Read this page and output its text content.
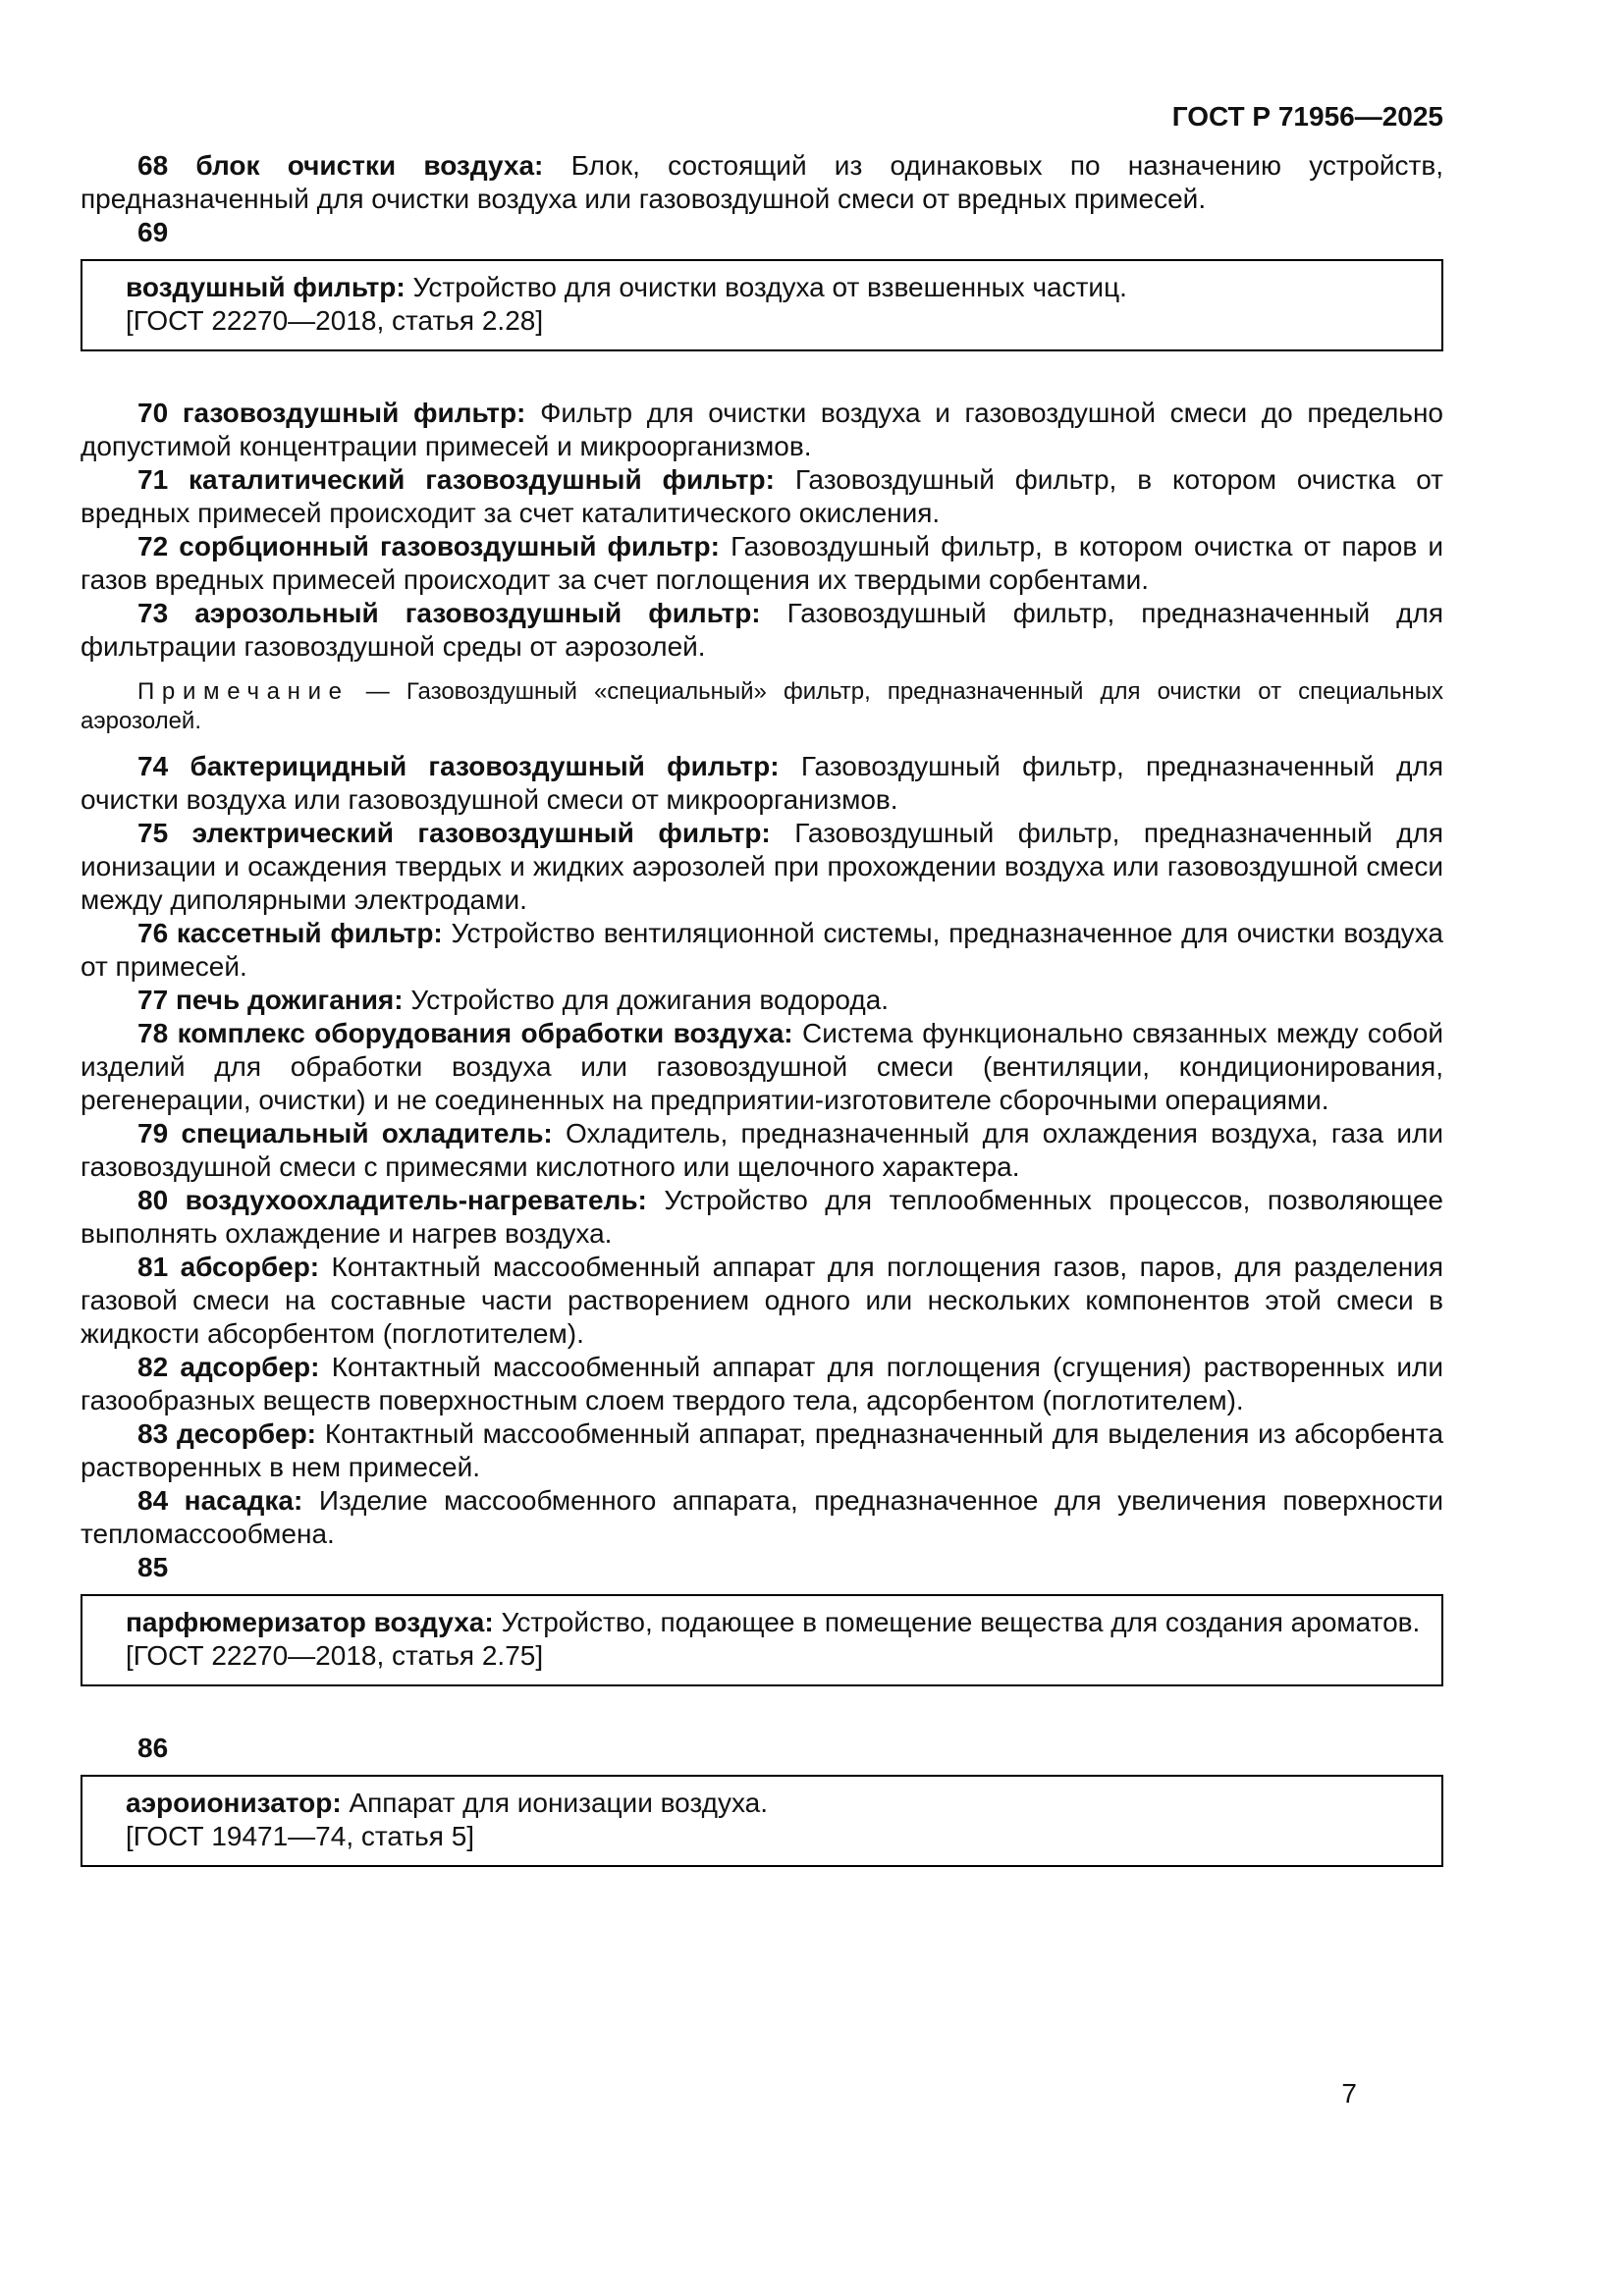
ГОСТ Р 71956—2025

68 блок очистки воздуха: Блок, состоящий из одинаковых по назначению устройств, предназначенный для очистки воздуха или газовоздушной смеси от вредных примесей.

69

воздушный фильтр: Устройство для очистки воздуха от взвешенных частиц.

[ГОСТ 22270—2018, статья 2.28]

70 газовоздушный фильтр: Фильтр для очистки воздуха и газовоздушной смеси до предельно допустимой концентрации примесей и микроорганизмов.

71 каталитический газовоздушный фильтр: Газовоздушный фильтр, в котором очистка от вредных примесей происходит за счет каталитического окисления.

72 сорбционный газовоздушный фильтр: Газовоздушный фильтр, в котором очистка от паров и газов вредных примесей происходит за счет поглощения их твердыми сорбентами.

73 аэрозольный газовоздушный фильтр: Газовоздушный фильтр, предназначенный для фильтрации газовоздушной среды от аэрозолей.

Примечание — Газовоздушный «специальный» фильтр, предназначенный для очистки от специальных аэрозолей.

74 бактерицидный газовоздушный фильтр: Газовоздушный фильтр, предназначенный для очистки воздуха или газовоздушной смеси от микроорганизмов.

75 электрический газовоздушный фильтр: Газовоздушный фильтр, предназначенный для ионизации и осаждения твердых и жидких аэрозолей при прохождении воздуха или газовоздушной смеси между диполярными электродами.

76 кассетный фильтр: Устройство вентиляционной системы, предназначенное для очистки воздуха от примесей.

77 печь дожигания: Устройство для дожигания водорода.

78 комплекс оборудования обработки воздуха: Система функционально связанных между собой изделий для обработки воздуха или газовоздушной смеси (вентиляции, кондиционирования, регенерации, очистки) и не соединенных на предприятии-изготовителе сборочными операциями.

79 специальный охладитель: Охладитель, предназначенный для охлаждения воздуха, газа или газовоздушной смеси с примесями кислотного или щелочного характера.

80 воздухоохладитель-нагреватель: Устройство для теплообменных процессов, позволяющее выполнять охлаждение и нагрев воздуха.

81 абсорбер: Контактный массообменный аппарат для поглощения газов, паров, для разделения газовой смеси на составные части растворением одного или нескольких компонентов этой смеси в жидкости абсорбентом (поглотителем).

82 адсорбер: Контактный массообменный аппарат для поглощения (сгущения) растворенных или газообразных веществ поверхностным слоем твердого тела, адсорбентом (поглотителем).

83 десорбер: Контактный массообменный аппарат, предназначенный для выделения из абсорбента растворенных в нем примесей.

84 насадка: Изделие массообменного аппарата, предназначенное для увеличения поверхности тепломассообмена.

85

парфюмеризатор воздуха: Устройство, подающее в помещение вещества для создания ароматов.

[ГОСТ 22270—2018, статья 2.75]

86

аэроионизатор: Аппарат для ионизации воздуха.

[ГОСТ 19471—74, статья 5]

7
